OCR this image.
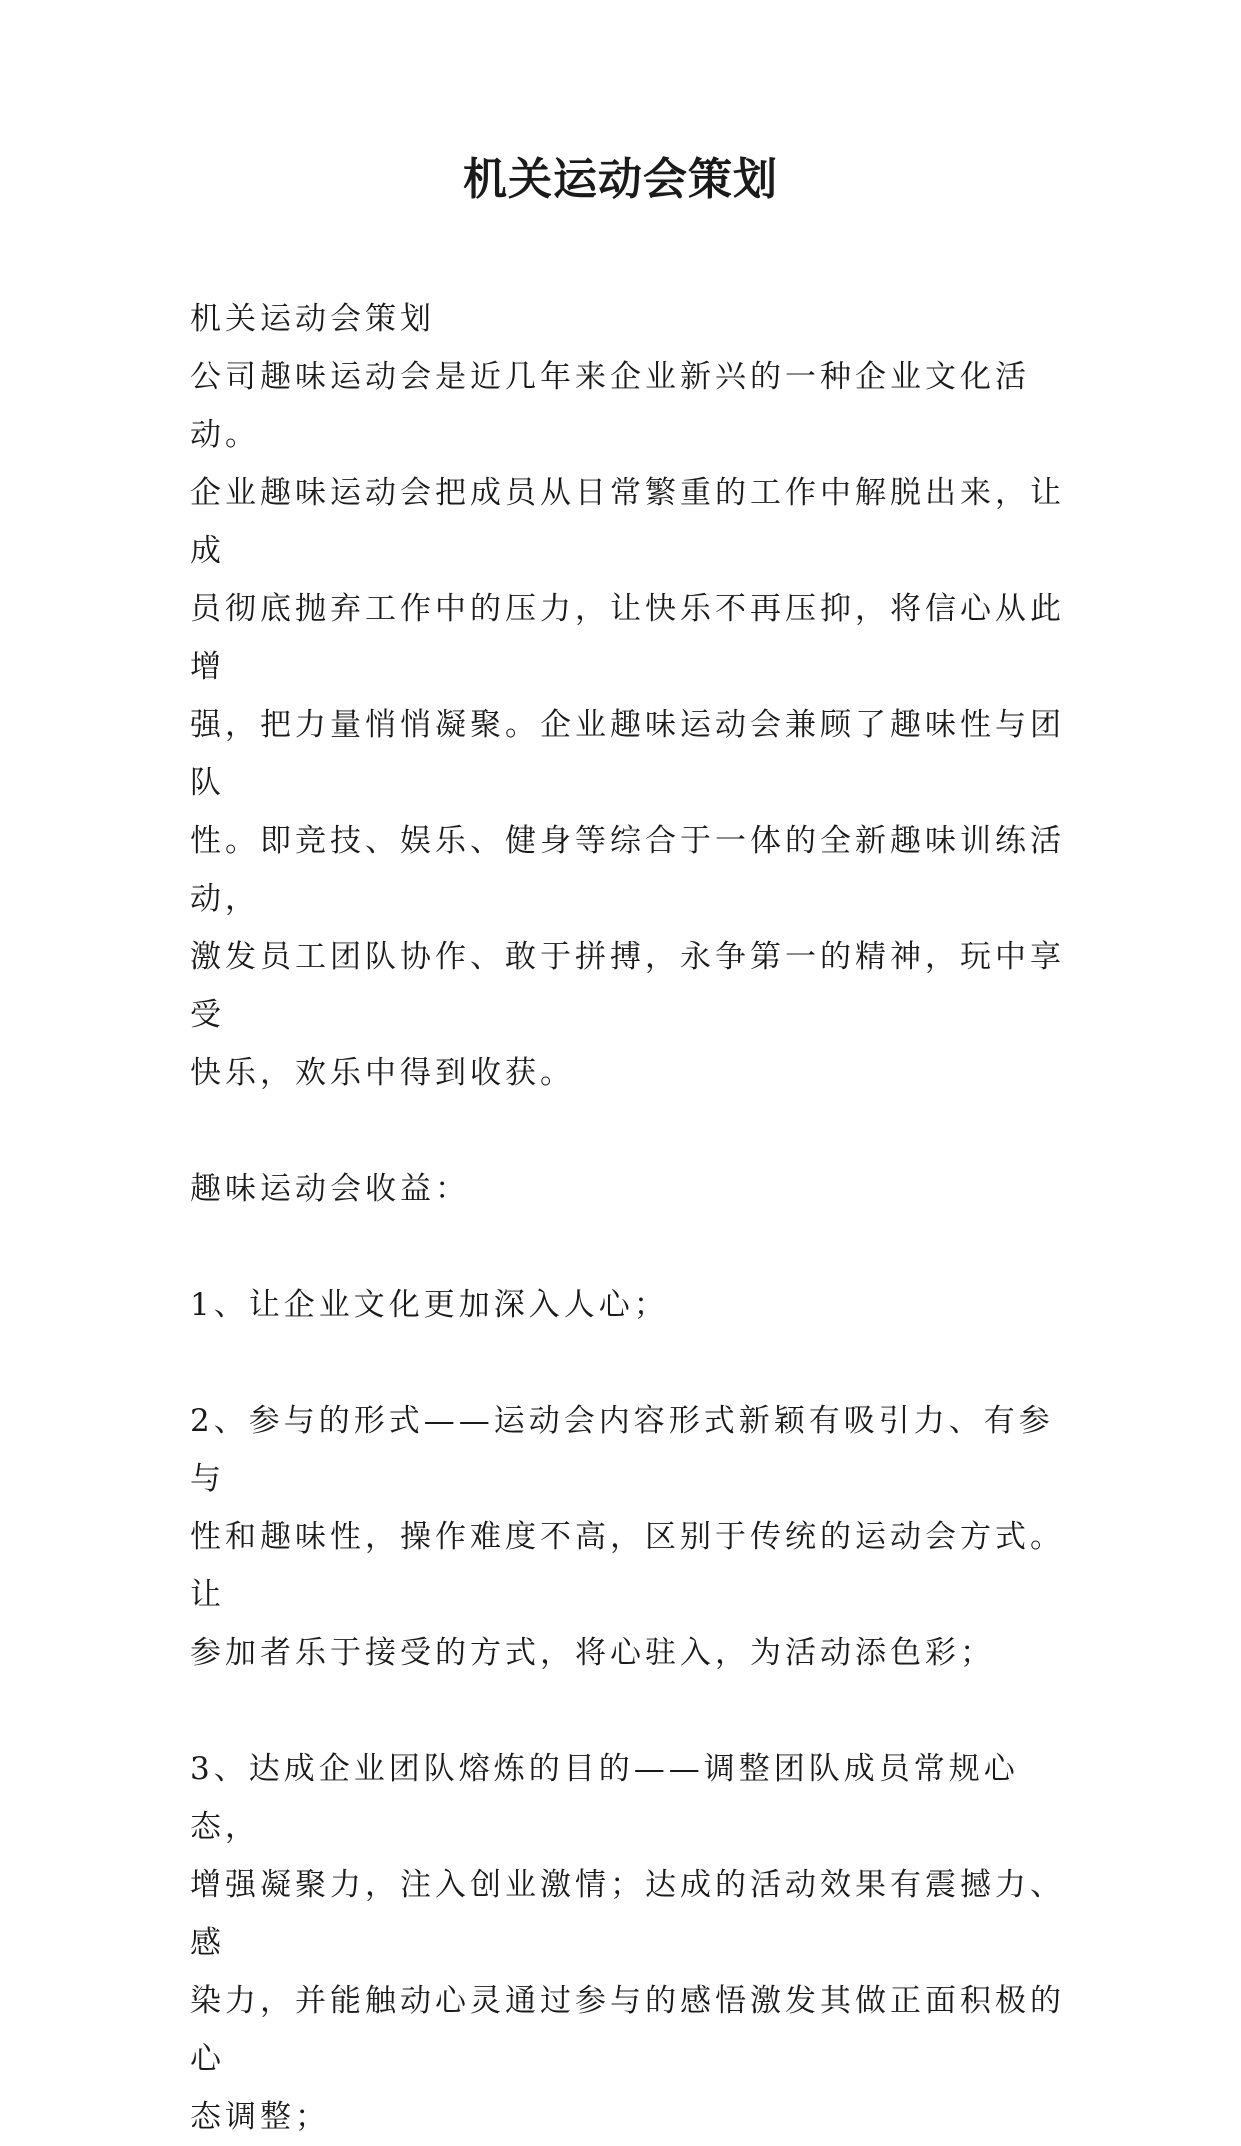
机关运动会策划
机关运动会策划
公司趣味运动会是近几年来企业新兴的一种企业文化活动。
企业趣味运动会把成员从日常繁重的工作中解脱出来，让成
员彻底抛弃工作中的压力，让快乐不再压抑，将信心从此增
强，把力量悄悄凝聚。企业趣味运动会兼顾了趣味性与团队
性。即竞技、娱乐、健身等综合于一体的全新趣味训练活动，
激发员工团队协作、敢于拼搏，永争第一的精神，玩中享受
快乐，欢乐中得到收获。
趣味运动会收益：
1、让企业文化更加深入人心；
2、参与的形式——运动会内容形式新颖有吸引力、有参与
性和趣味性，操作难度不高，区别于传统的运动会方式。让
参加者乐于接受的方式，将心驻入，为活动添色彩；
3、达成企业团队熔炼的目的——调整团队成员常规心态，
增强凝聚力，注入创业激情；达成的活动效果有震撼力、感
染力，并能触动心灵通过参与的感悟激发其做正面积极的心
态调整；
